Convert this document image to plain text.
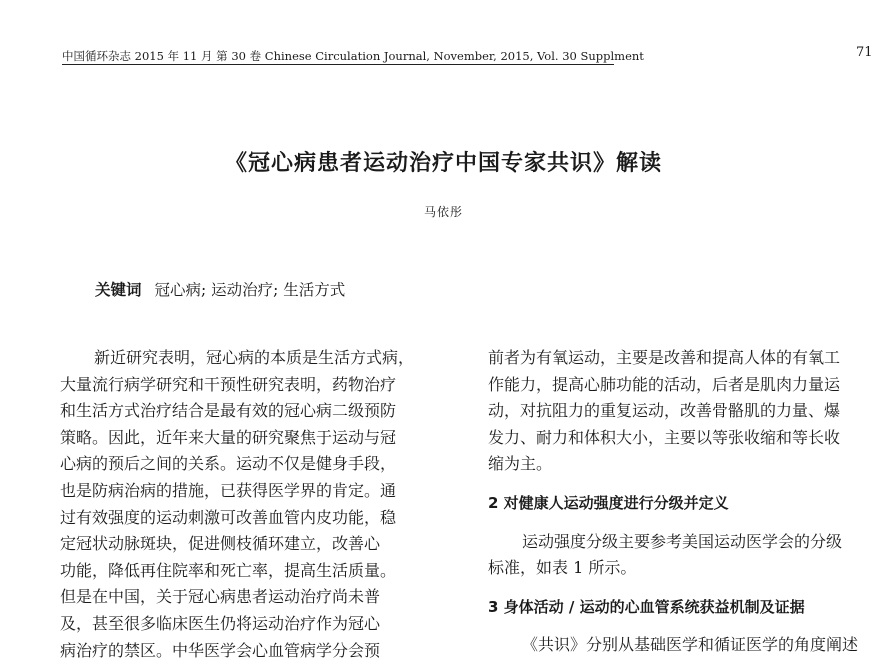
中国循环杂志 2015 年 11 月 第 30 卷 Chinese Circulation Journal, November, 2015, Vol. 30 Supplment	71
《冠心病患者运动治疗中国专家共识》解读
马依彤
关键词 冠心病; 运动治疗; 生活方式
新近研究表明，冠心病的本质是生活方式病，
大量流行病学研究和干预性研究表明，药物治疗
和生活方式治疗结合是最有效的冠心病二级预防
策略。因此，近年来大量的研究聚焦于运动与冠
心病的预后之间的关系。运动不仅是健身手段，
也是防病治病的措施，已获得医学界的肯定。通
过有效强度的运动刺激可改善血管内皮功能，稳
定冠状动脉斑块，促进侧枝循环建立，改善心
功能，降低再住院率和死亡率，提高生活质量。
但是在中国，关于冠心病患者运动治疗尚未普
及，甚至很多临床医生仍将运动治疗作为冠心
病治疗的禁区。中华医学会心血管病学分会预
前者为有氧运动，主要是改善和提高人体的有氧工
作能力，提高心肺功能的活动，后者是肌肉力量运
动，对抗阻力的重复运动，改善骨骼肌的力量、爆
发力、耐力和体积大小，主要以等张收缩和等长收
缩为主。
2 对健康人运动强度进行分级并定义
运动强度分级主要参考美国运动医学会的分级
标准，如表 1 所示。
3 身体活动 / 运动的心血管系统获益机制及证据
《共识》分别从基础医学和循证医学的角度阐述
